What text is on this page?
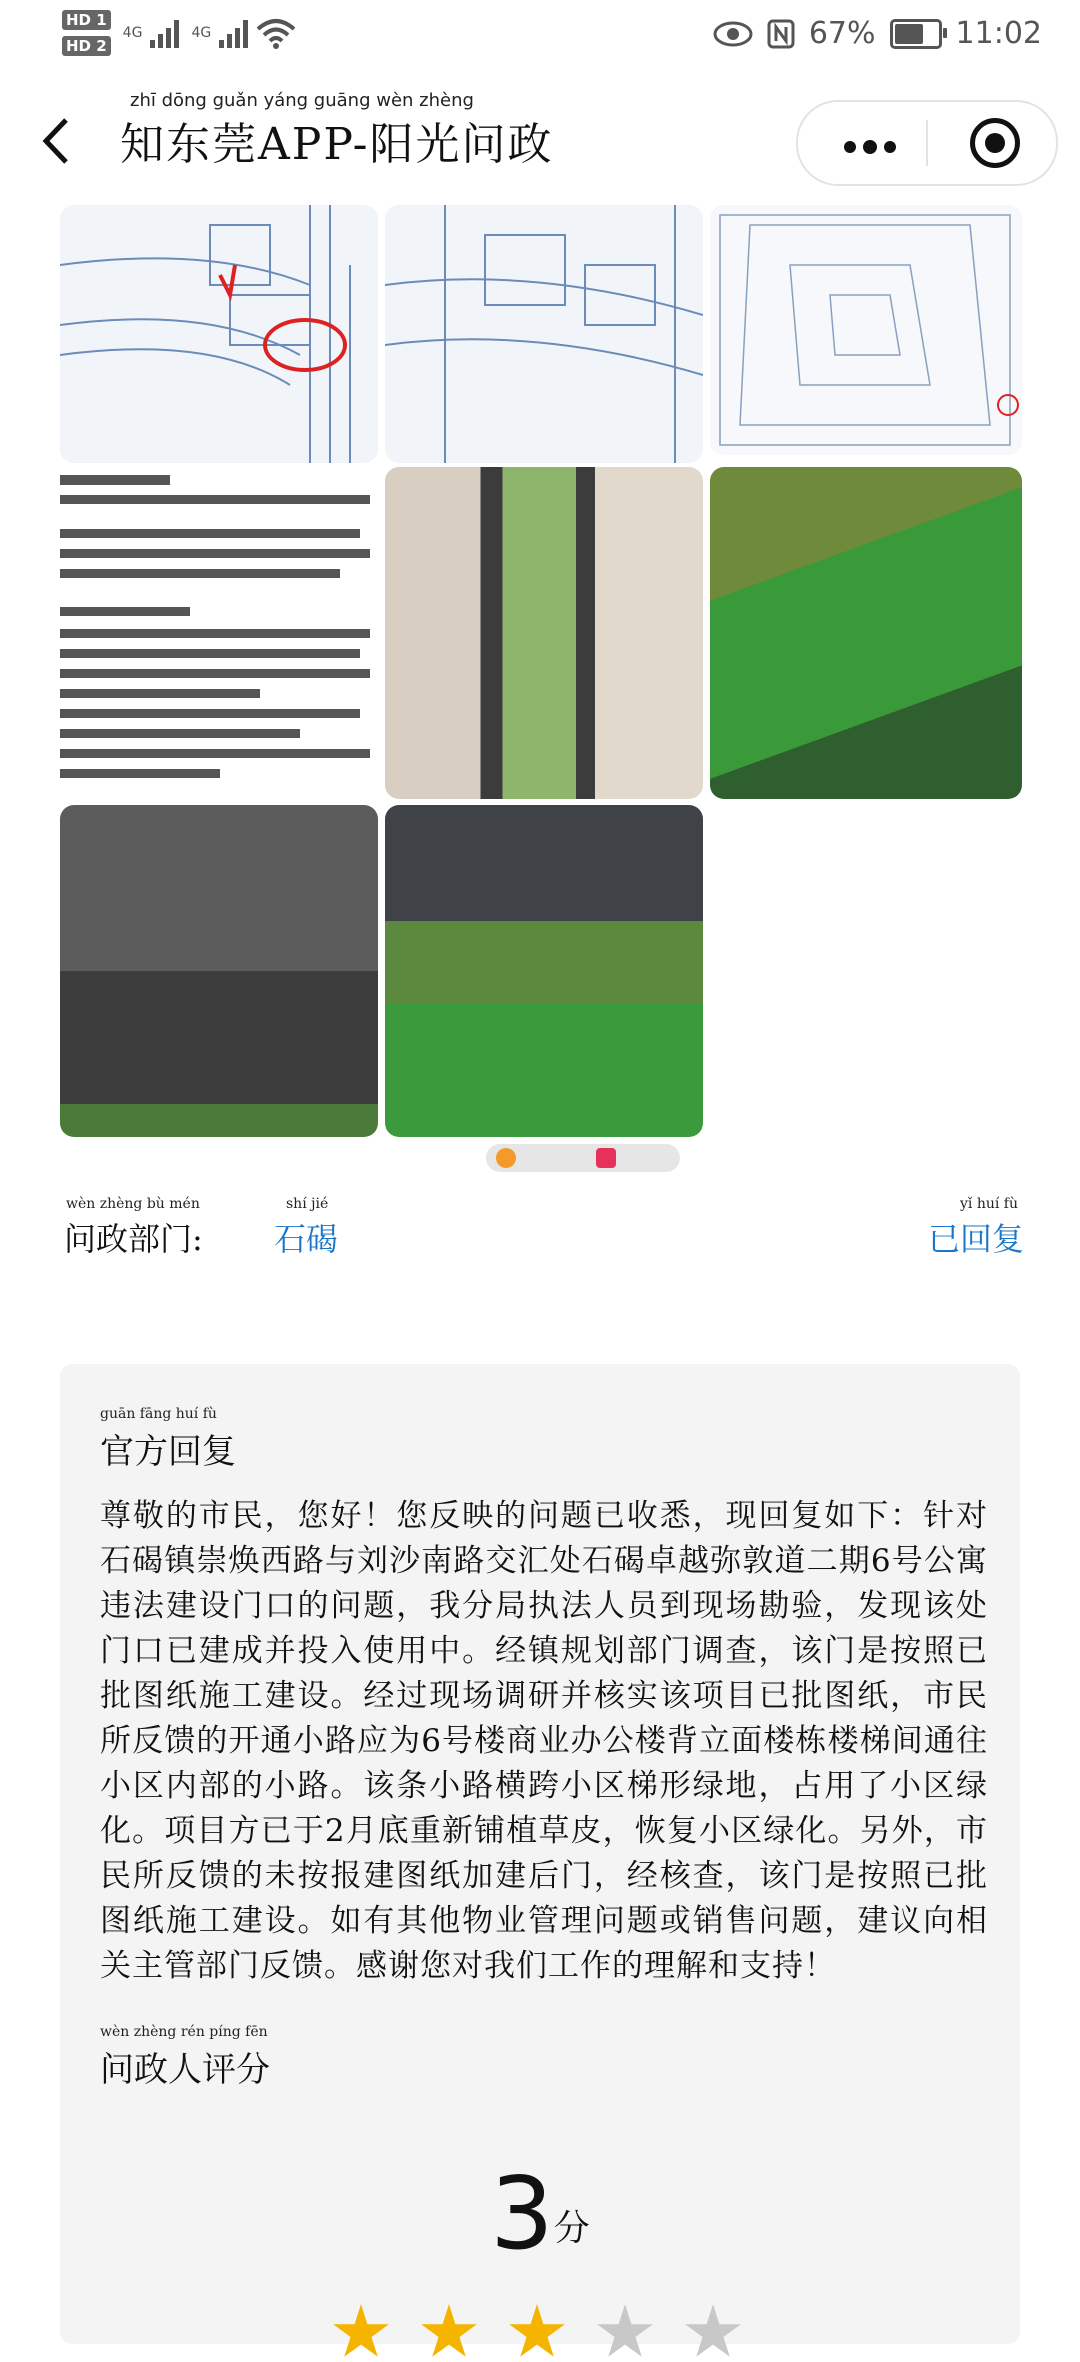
HD 1
HD 2
4G	4G	67%	11:02
zhī dōng guǎn yáng guāng wèn zhèng
知东莞APP-阳光问政
wèn zhèng bù mén
问政部门:
shí jié
石碣
yǐ huí fù
已回复
guān fāng huí fù
官方回复
尊敬的市民，您好！您反映的问题已收悉，现回复如下：针对石碣镇崇焕西路与刘沙南路交汇处石碣卓越弥敦道二期6号公寓违法建设门口的问题，我分局执法人员到现场勘验，发现该处门口已建成并投入使用中。经镇规划部门调查，该门是按照已批图纸施工建设。经过现场调研并核实该项目已批图纸，市民所反馈的开通小路应为6号楼商业办公楼背立面楼栋楼梯间通往小区内部的小路。该条小路横跨小区梯形绿地，占用了小区绿化。项目方已于2月底重新铺植草皮，恢复小区绿化。另外，市民所反馈的未按报建图纸加建后门，经核查，该门是按照已批图纸施工建设。如有其他物业管理问题或销售问题，建议向相关主管部门反馈。感谢您对我们工作的理解和支持！
wèn zhèng rén píng fēn
问政人评分
3分
